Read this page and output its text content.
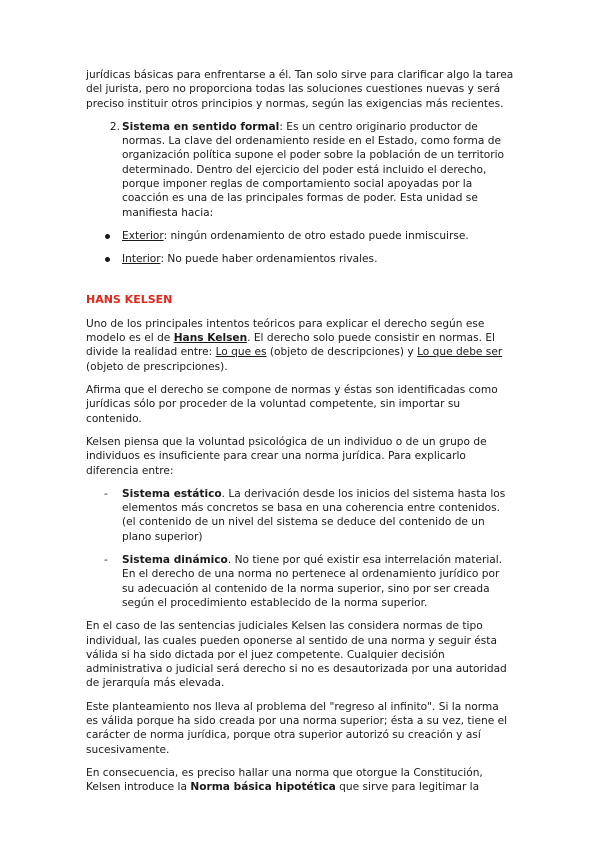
jurídicas básicas para enfrentarse a él. Tan solo sirve para clarificar algo la tarea del jurista, pero no proporciona todas las soluciones cuestiones nuevas y será preciso instituir otros principios y normas, según las exigencias más recientes.

2. Sistema en sentido formal: Es un centro originario productor de normas. La clave del ordenamiento reside en el Estado, como forma de organización política supone el poder sobre la población de un territorio determinado. Dentro del ejercicio del poder está incluido el derecho, porque imponer reglas de comportamiento social apoyadas por la coacción es una de las principales formas de poder. Esta unidad se manifiesta hacia:
Exterior: ningún ordenamiento de otro estado puede inmiscuirse.
Interior: No puede haber ordenamientos rivales.
HANS KELSEN

Uno de los principales intentos teóricos para explicar el derecho según ese modelo es el de Hans Kelsen. El derecho solo puede consistir en normas. El divide la realidad entre: Lo que es (objeto de descripciones) y Lo que debe ser (objeto de prescripciones).

Afirma que el derecho se compone de normas y éstas son identificadas como jurídicas sólo por proceder de la voluntad competente, sin importar su contenido.

Kelsen piensa que la voluntad psicológica de un individuo o de un grupo de individuos es insuficiente para crear una norma jurídica. Para explicarlo diferencia entre:

-	Sistema estático. La derivación desde los inicios del sistema hasta los elementos más concretos se basa en una coherencia entre contenidos. (el contenido de un nivel del sistema se deduce del contenido de un plano superior)
-	Sistema dinámico. No tiene por qué existir esa interrelación material. En el derecho de una norma no pertenece al ordenamiento jurídico por su adecuación al contenido de la norma superior, sino por ser creada según el procedimiento establecido de la norma superior.

En el caso de las sentencias judiciales Kelsen las considera normas de tipo individual, las cuales pueden oponerse al sentido de una norma y seguir ésta válida si ha sido dictada por el juez competente. Cualquier decisión administrativa o judicial será derecho si no es desautorizada por una autoridad de jerarquía más elevada.

Este planteamiento nos lleva al problema del "regreso al infinito". Si la norma es válida porque ha sido creada por una norma superior; ésta a su vez, tiene el carácter de norma jurídica, porque otra superior autorizó su creación y así sucesivamente.

En consecuencia, es preciso hallar una norma que otorgue la Constitución, Kelsen introduce la Norma básica hipotética que sirve para legitimar la
